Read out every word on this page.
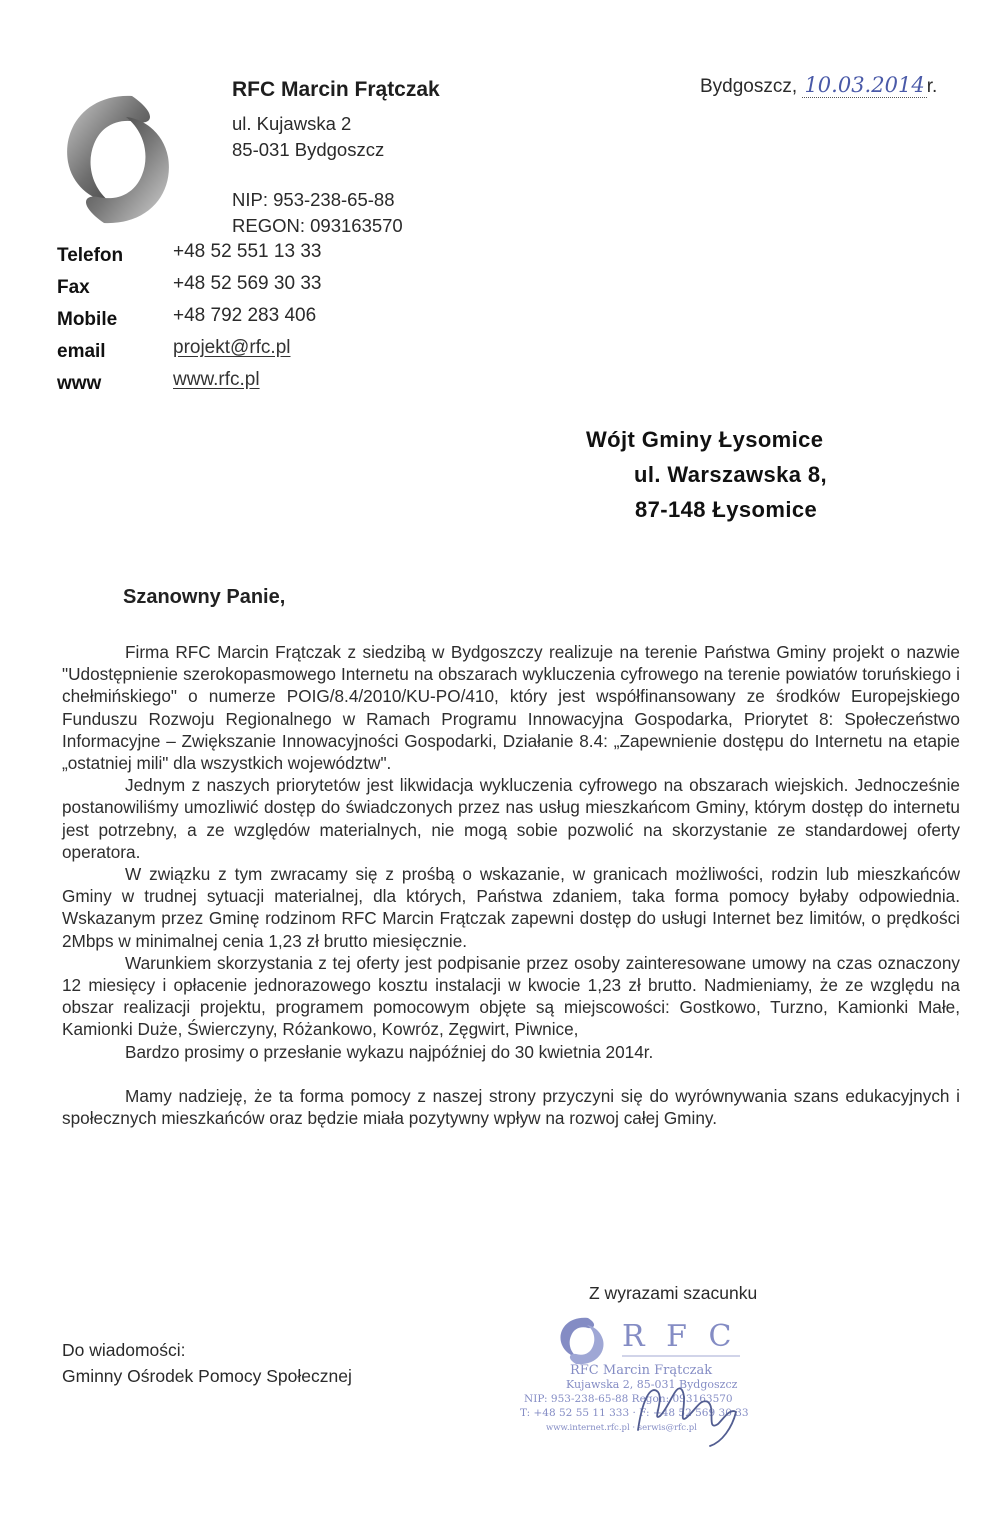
RFC Marcin Frątczak
ul. Kujawska 2
85-031 Bydgoszcz
NIP: 953-238-65-88
REGON: 093163570
Bydgoszcz, 10.03.2014 r.
Telefon	+48 52 551 13 33
Fax	+48 52 569 30 33
Mobile	+48 792 283 406
email	projekt@rfc.pl
www	www.rfc.pl
Wójt Gminy Łysomice
ul. Warszawska 8,
87-148 Łysomice
Szanowny Panie,

Firma RFC Marcin Frątczak z siedzibą w Bydgoszczy realizuje na terenie Państwa Gminy projekt o nazwie "Udostępnienie szerokopasmowego Internetu na obszarach wykluczenia cyfrowego na terenie powiatów toruńskiego i chełmińskiego" o numerze POIG/8.4/2010/KU-PO/410, który jest współfinansowany ze środków Europejskiego Funduszu Rozwoju Regionalnego w Ramach Programu Innowacyjna Gospodarka, Priorytet 8: Społeczeństwo Informacyjne – Zwiększanie Innowacyjności Gospodarki, Działanie 8.4: „Zapewnienie dostępu do Internetu na etapie „ostatniej mili" dla wszystkich województw".

Jednym z naszych priorytetów jest likwidacja wykluczenia cyfrowego na obszarach wiejskich. Jednocześnie postanowiliśmy umozliwić dostęp do świadczonych przez nas usług mieszkańcom Gminy, którym dostęp do internetu jest potrzebny, a ze względów materialnych, nie mogą sobie pozwolić na skorzystanie ze standardowej oferty operatora.

W związku z tym zwracamy się z prośbą o wskazanie, w granicach możliwości, rodzin lub mieszkańców Gminy w trudnej sytuacji materialnej, dla których, Państwa zdaniem, taka forma pomocy byłaby odpowiednia. Wskazanym przez Gminę rodzinom RFC Marcin Frątczak zapewni dostęp do usługi Internet bez limitów, o prędkości 2Mbps w minimalnej cenia 1,23 zł brutto miesięcznie.

Warunkiem skorzystania z tej oferty jest podpisanie przez osoby zainteresowane umowy na czas oznaczony 12 miesięcy i opłacenie jednorazowego kosztu instalacji w kwocie 1,23 zł brutto. Nadmieniamy, że ze względu na obszar realizacji projektu, programem pomocowym objęte są miejscowości: Gostkowo, Turzno, Kamionki Małe, Kamionki Duże, Świerczyny, Różankowo, Kowróz, Zęgwirt, Piwnice,

Bardzo prosimy o przesłanie wykazu najpóźniej do 30 kwietnia 2014r.

Mamy nadzieję, że ta forma pomocy z naszej strony przyczyni się do wyrównywania szans edukacyjnych i społecznych mieszkańców oraz będzie miała pozytywny wpływ na rozwoj całej Gminy.

Z wyrazami szacunku
Do wiadomości:
Gminny Ośrodek Pomocy Społecznej
R F C
RFC Marcin Frątczak
Kujawska 2, 85-031 Bydgoszcz
NIP: 953-238-65-88 Regon: 093163570
T: +48 52 55 11 333 · F: +48 52 569 30 33
www.internet.rfc.pl · serwis@rfc.pl
